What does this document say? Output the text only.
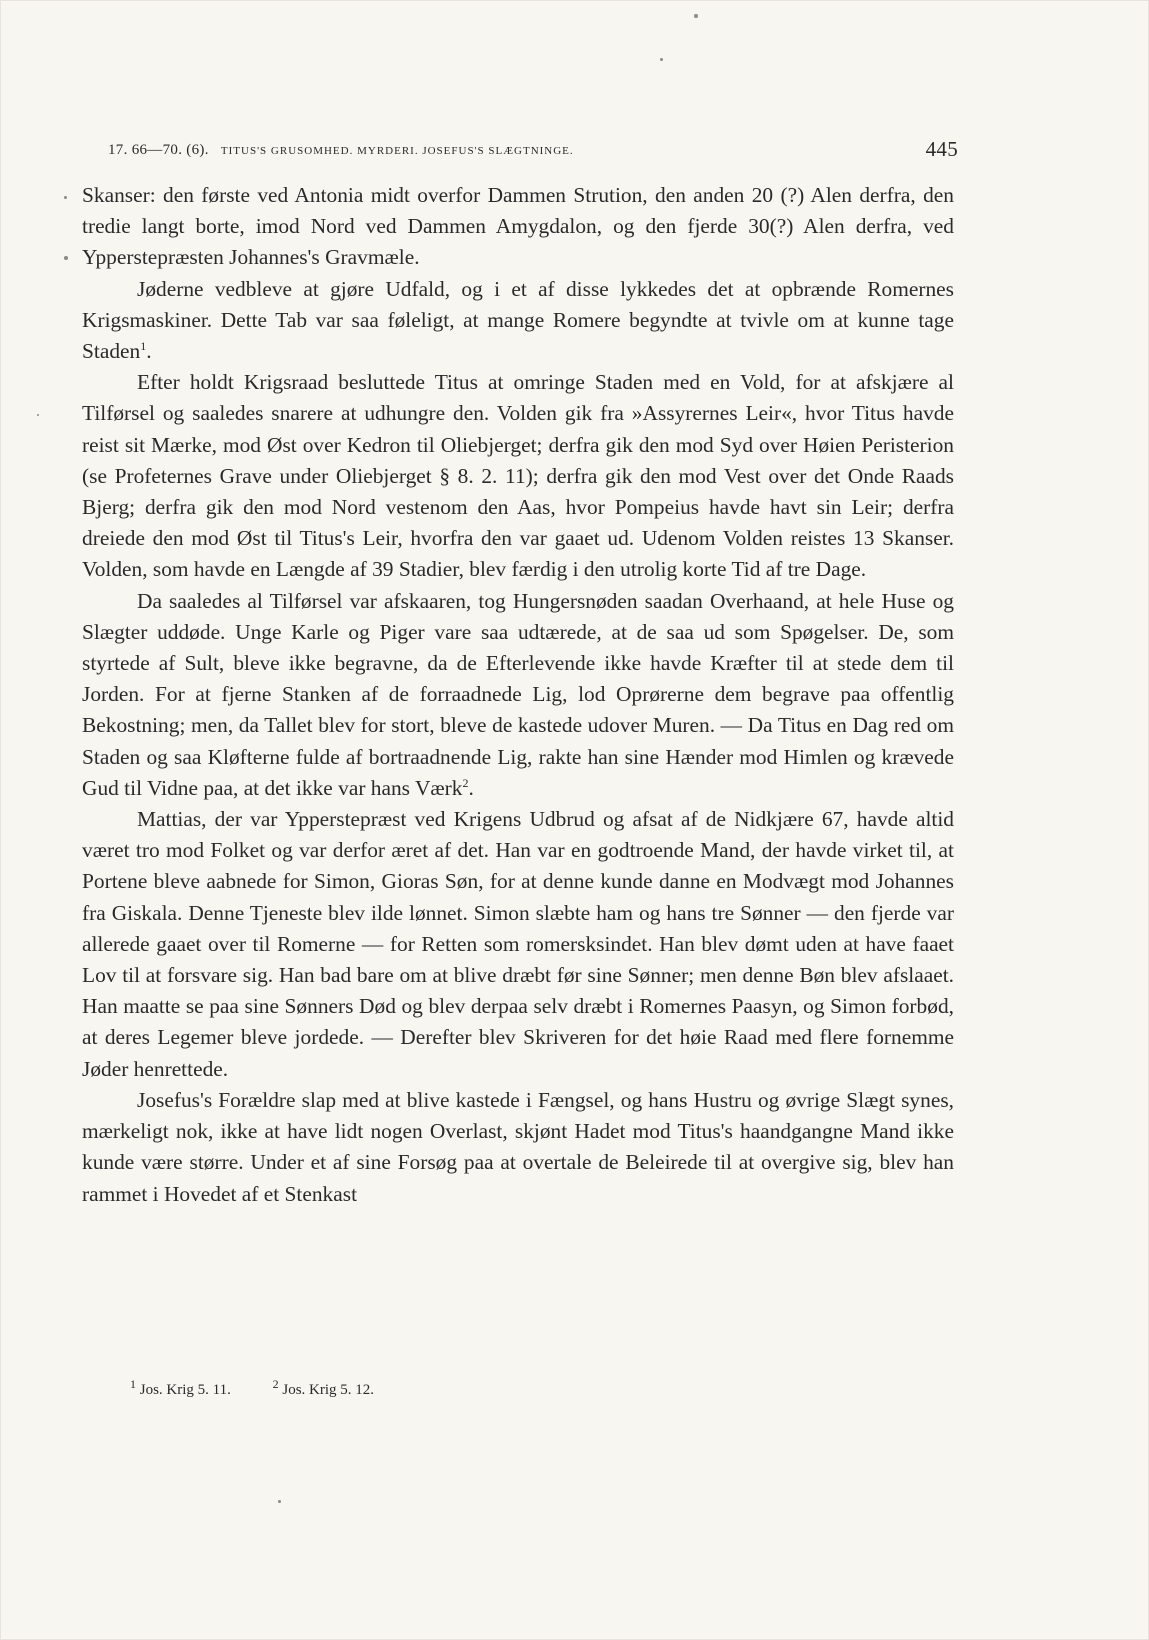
17. 66—70. (6). TITUS'S GRUSOMHED. MYRDERI. JOSEFUS'S SLÆGTNINGE.	445

Skanser: den første ved Antonia midt overfor Dammen Strution, den anden 20 (?) Alen derfra, den tredie langt borte, imod Nord ved Dammen Amygdalon, og den fjerde 30(?) Alen derfra, ved Ypperstepræsten Johannes's Gravmæle.

Jøderne vedbleve at gjøre Udfald, og i et af disse lykkedes det at opbrænde Romernes Krigsmaskiner. Dette Tab var saa føleligt, at mange Romere begyndte at tvivle om at kunne tage Staden$^1$.

Efter holdt Krigsraad besluttede Titus at omringe Staden med en Vold, for at afskjære al Tilførsel og saaledes snarere at udhungre den. Volden gik fra »Assyrernes Leir«, hvor Titus havde reist sit Mærke, mod Øst over Kedron til Oliebjerget; derfra gik den mod Syd over Høien Peristerion (se Profeternes Grave under Oliebjerget § 8. 2. 11); derfra gik den mod Vest over det Onde Raads Bjerg; derfra gik den mod Nord vestenom den Aas, hvor Pompeius havde havt sin Leir; derfra dreiede den mod Øst til Titus's Leir, hvorfra den var gaaet ud. Udenom Volden reistes 13 Skanser. Volden, som havde en Længde af 39 Stadier, blev færdig i den utrolig korte Tid af tre Dage.

Da saaledes al Tilførsel var afskaaren, tog Hungersnøden saadan Overhaand, at hele Huse og Slægter uddøde. Unge Karle og Piger vare saa udtærede, at de saa ud som Spøgelser. De, som styrtede af Sult, bleve ikke begravne, da de Efterlevende ikke havde Kræfter til at stede dem til Jorden. For at fjerne Stanken af de forraadnede Lig, lod Oprørerne dem begrave paa offentlig Bekostning; men, da Tallet blev for stort, bleve de kastede udover Muren. — Da Titus en Dag red om Staden og saa Kløfterne fulde af bortraadnende Lig, rakte han sine Hænder mod Himlen og krævede Gud til Vidne paa, at det ikke var hans Værk$^2$.

Mattias, der var Ypperstepræst ved Krigens Udbrud og afsat af de Nidkjære 67, havde altid været tro mod Folket og var derfor æret af det. Han var en godtroende Mand, der havde virket til, at Portene bleve aabnede for Simon, Gioras Søn, for at denne kunde danne en Modvægt mod Johannes fra Giskala. Denne Tjeneste blev ilde lønnet. Simon slæbte ham og hans tre Sønner — den fjerde var allerede gaaet over til Romerne — for Retten som romersksindet. Han blev dømt uden at have faaet Lov til at forsvare sig. Han bad bare om at blive dræbt før sine Sønner; men denne Bøn blev afslaaet. Han maatte se paa sine Sønners Død og blev derpaa selv dræbt i Romernes Paasyn, og Simon forbød, at deres Legemer bleve jordede. — Derefter blev Skriveren for det høie Raad med flere fornemme Jøder henrettede.

Josefus's Forældre slap med at blive kastede i Fængsel, og hans Hustru og øvrige Slægt synes, mærkeligt nok, ikke at have lidt nogen Overlast, skjønt Hadet mod Titus's haandgangne Mand ikke kunde være større. Under et af sine Forsøg paa at overtale de Beleirede til at overgive sig, blev han rammet i Hovedet af et Stenkast

$^1$ Jos. Krig 5. 11.	$^2$ Jos. Krig 5. 12.
